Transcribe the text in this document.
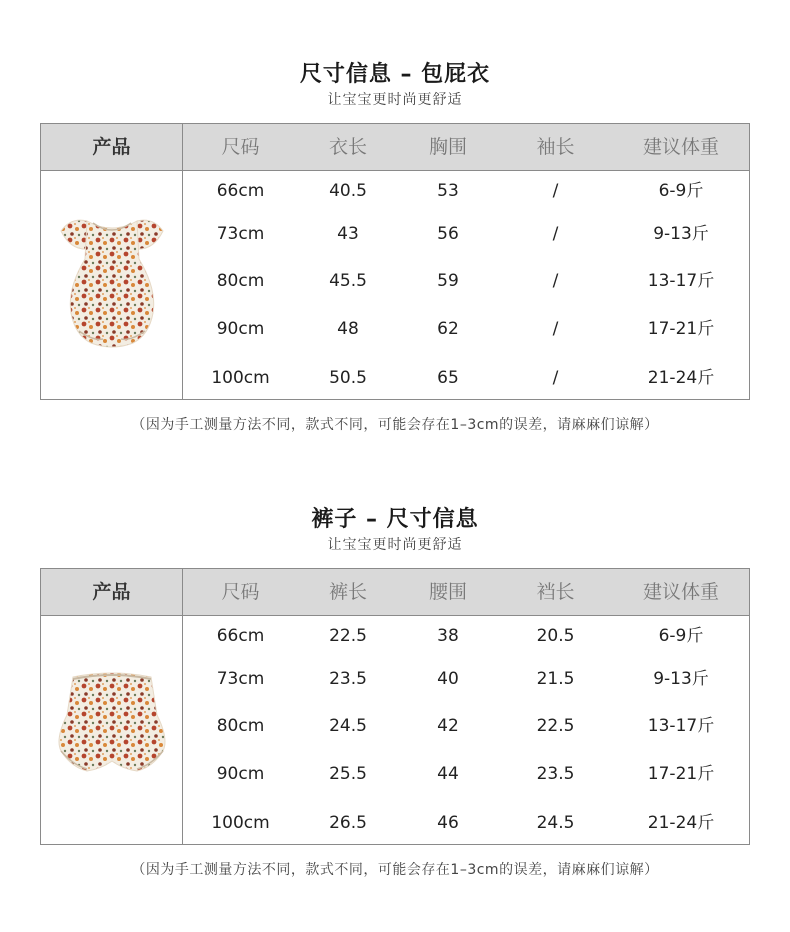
尺寸信息 – 包屁衣
让宝宝更时尚更舒适
产品	尺码	衣长	胸围	袖长	建议体重
66cm	40.5	53	/	6-9斤
73cm	43	56	/	9-13斤
80cm	45.5	59	/	13-17斤
90cm	48	62	/	17-21斤
100cm	50.5	65	/	21-24斤
（因为手工测量方法不同，款式不同，可能会存在1–3cm的误差，请麻麻们谅解）
裤子 – 尺寸信息
让宝宝更时尚更舒适
产品	尺码	裤长	腰围	裆长	建议体重
66cm	22.5	38	20.5	6-9斤
73cm	23.5	40	21.5	9-13斤
80cm	24.5	42	22.5	13-17斤
90cm	25.5	44	23.5	17-21斤
100cm	26.5	46	24.5	21-24斤
（因为手工测量方法不同，款式不同，可能会存在1–3cm的误差，请麻麻们谅解）
